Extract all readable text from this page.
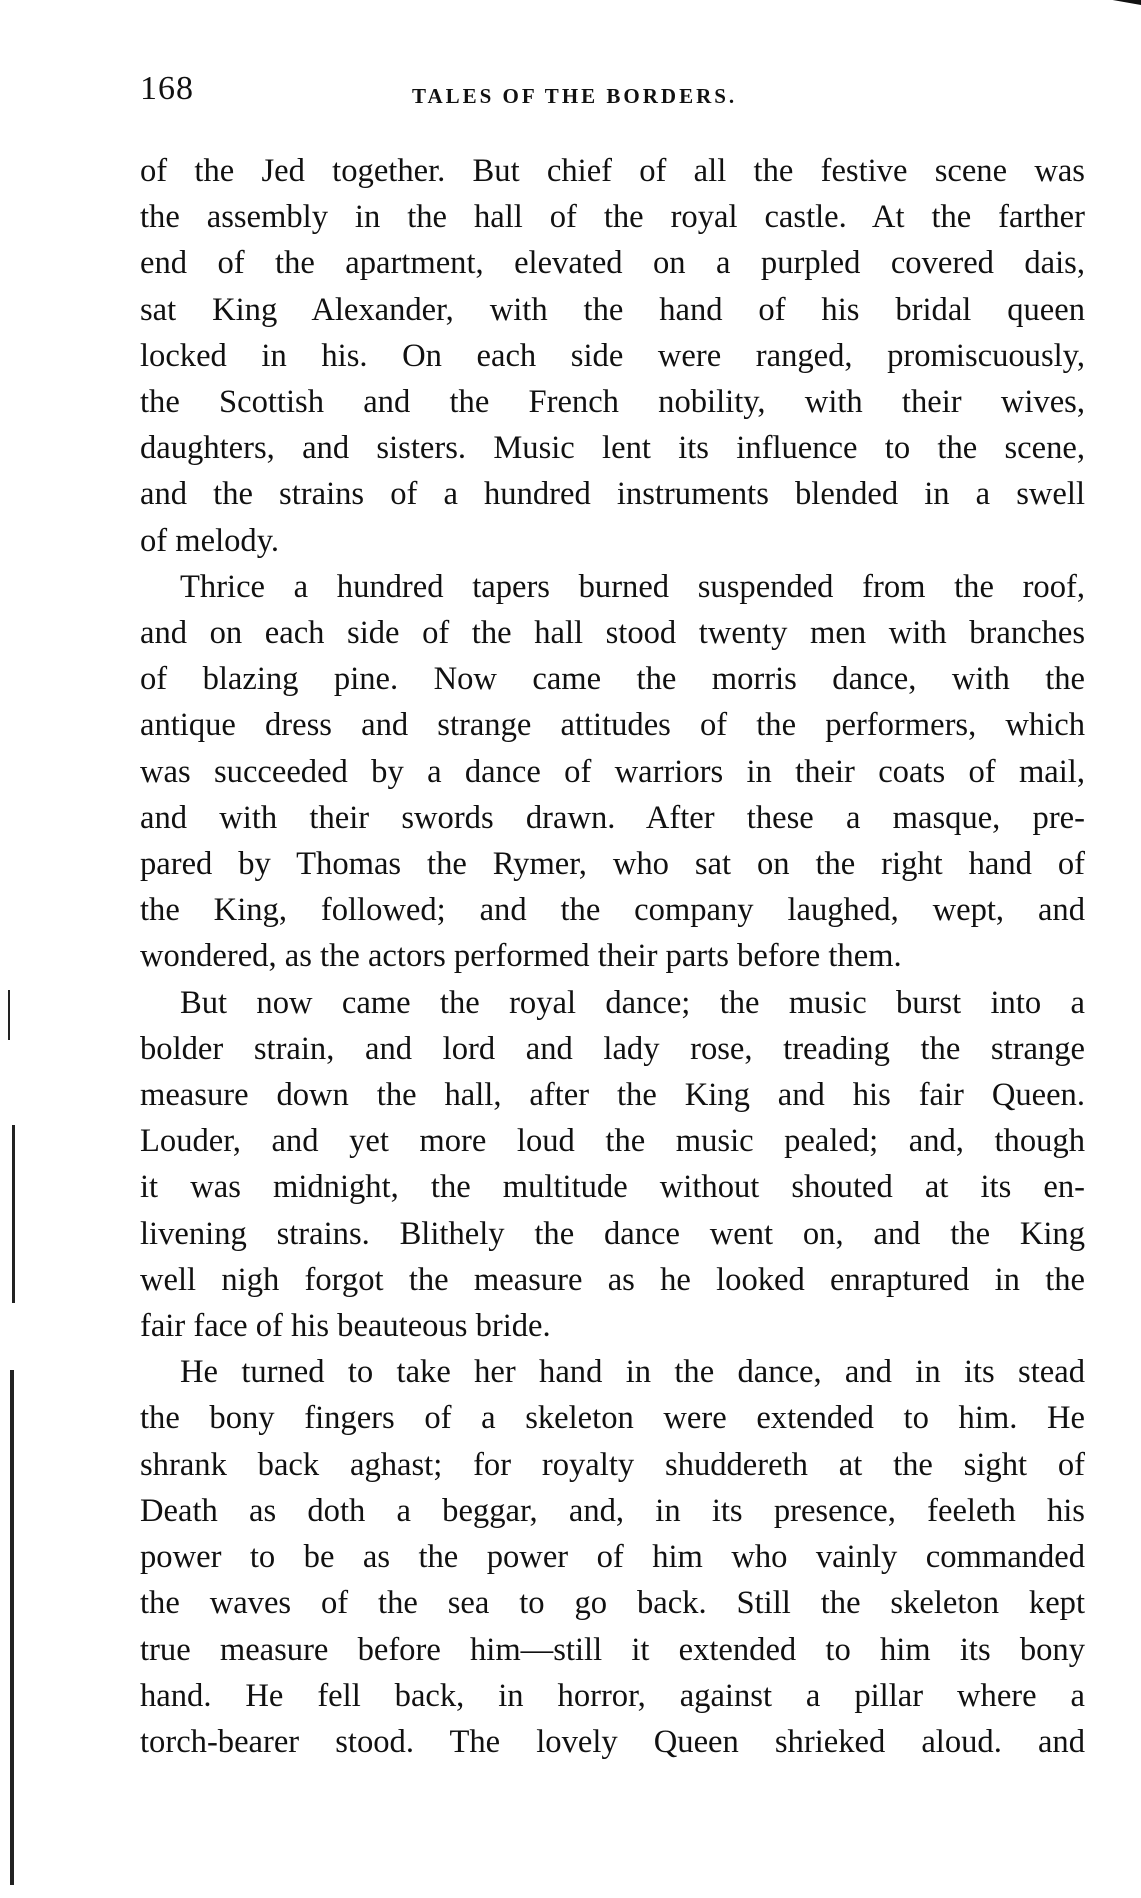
168	TALES OF THE BORDERS.
of the Jed together. But chief of all the festive scene was
the assembly in the hall of the royal castle. At the farther
end of the apartment, elevated on a purpled covered dais,
sat King Alexander, with the hand of his bridal queen
locked in his. On each side were ranged, promiscuously,
the Scottish and the French nobility, with their wives,
daughters, and sisters. Music lent its influence to the scene,
and the strains of a hundred instruments blended in a swell
of melody.
Thrice a hundred tapers burned suspended from the roof,
and on each side of the hall stood twenty men with branches
of blazing pine. Now came the morris dance, with the
antique dress and strange attitudes of the performers, which
was succeeded by a dance of warriors in their coats of mail,
and with their swords drawn. After these a masque, pre-
pared by Thomas the Rymer, who sat on the right hand of
the King, followed; and the company laughed, wept, and
wondered, as the actors performed their parts before them.
But now came the royal dance; the music burst into a
bolder strain, and lord and lady rose, treading the strange
measure down the hall, after the King and his fair Queen.
Louder, and yet more loud the music pealed; and, though
it was midnight, the multitude without shouted at its en-
livening strains. Blithely the dance went on, and the King
well nigh forgot the measure as he looked enraptured in the
fair face of his beauteous bride.
He turned to take her hand in the dance, and in its stead
the bony fingers of a skeleton were extended to him. He
shrank back aghast; for royalty shuddereth at the sight of
Death as doth a beggar, and, in its presence, feeleth his
power to be as the power of him who vainly commanded
the waves of the sea to go back. Still the skeleton kept
true measure before him—still it extended to him its bony
hand. He fell back, in horror, against a pillar where a
torch-bearer stood. The lovely Queen shrieked aloud. and
